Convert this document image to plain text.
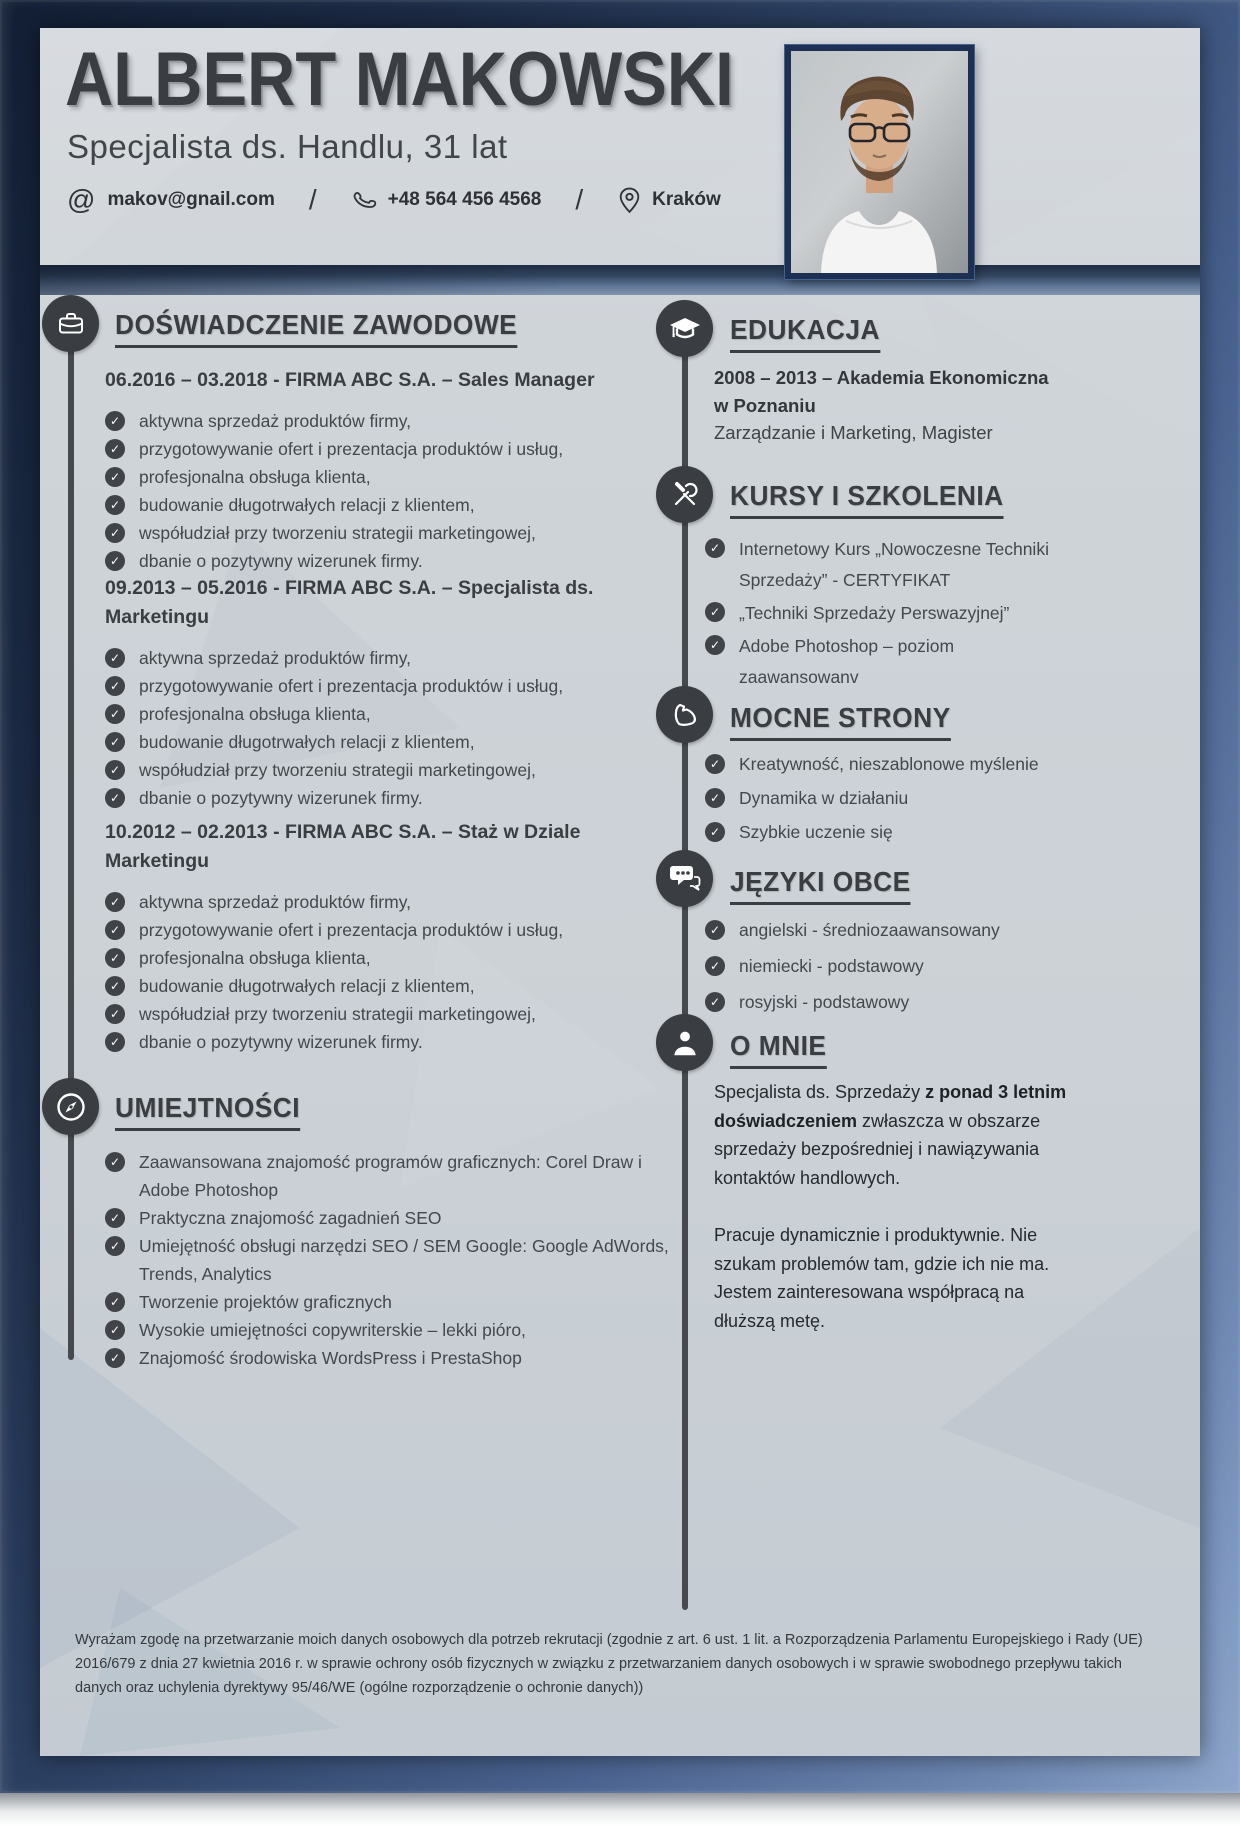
ALBERT MAKOWSKI
Specjalista ds. Handlu, 31 lat
@ makov@gnail.com /	+48 564 456 4568 /	Kraków
DOŚWIADCZENIE ZAWODOWE
06.2016 – 03.2018 - FIRMA ABC S.A. – Sales Manager
✓ aktywna sprzedaż produktów firmy,
✓ przygotowywanie ofert i prezentacja produktów i usług,
✓ profesjonalna obsługa klienta,
✓ budowanie długotrwałych relacji z klientem,
✓ współudział przy tworzeniu strategii marketingowej,
✓ dbanie o pozytywny wizerunek firmy.
09.2013 – 05.2016 - FIRMA ABC S.A. – Specjalista ds. Marketingu
✓ aktywna sprzedaż produktów firmy,
✓ przygotowywanie ofert i prezentacja produktów i usług,
✓ profesjonalna obsługa klienta,
✓ budowanie długotrwałych relacji z klientem,
✓ współudział przy tworzeniu strategii marketingowej,
✓ dbanie o pozytywny wizerunek firmy.
10.2012 – 02.2013 - FIRMA ABC S.A. – Staż w Dziale Marketingu
✓ aktywna sprzedaż produktów firmy,
✓ przygotowywanie ofert i prezentacja produktów i usług,
✓ profesjonalna obsługa klienta,
✓ budowanie długotrwałych relacji z klientem,
✓ współudział przy tworzeniu strategii marketingowej,
✓ dbanie o pozytywny wizerunek firmy.
UMIEJTNOŚCI
✓ Zaawansowana znajomość programów graficznych: Corel Draw i Adobe Photoshop
✓ Praktyczna znajomość zagadnień SEO
✓ Umiejętność obsługi narzędzi SEO / SEM Google: Google AdWords, Trends, Analytics
✓ Tworzenie projektów graficznych
✓ Wysokie umiejętności copywriterskie – lekki pióro,
✓ Znajomość środowiska WordsPress i PrestaShop
EDUKACJA
2008 – 2013 – Akademia Ekonomiczna w Poznaniu
Zarządzanie i Marketing, Magister
KURSY I SZKOLENIA
✓ Internetowy Kurs „Nowoczesne Techniki Sprzedaży” - CERTYFIKAT
✓ „Techniki Sprzedaży Perswazyjnej”
✓ Adobe Photoshop – poziom zaawansowanv
MOCNE STRONY
✓ Kreatywność, nieszablonowe myślenie
✓ Dynamika w działaniu
✓ Szybkie uczenie się
JĘZYKI OBCE
✓ angielski - średniozaawansowany
✓ niemiecki - podstawowy
✓ rosyjski - podstawowy
O MNIE

Specjalista ds. Sprzedaży z ponad 3 letnim doświadczeniem zwłaszcza w obszarze sprzedaży bezpośredniej i nawiązywania kontaktów handlowych.

Pracuje dynamicznie i produktywnie. Nie szukam problemów tam, gdzie ich nie ma. Jestem zainteresowana współpracą na dłuższą metę.

Wyrażam zgodę na przetwarzanie moich danych osobowych dla potrzeb rekrutacji (zgodnie z art. 6 ust. 1 lit. a Rozporządzenia Parlamentu Europejskiego i Rady (UE) 2016/679 z dnia 27 kwietnia 2016 r. w sprawie ochrony osób fizycznych w związku z przetwarzaniem danych osobowych i w sprawie swobodnego przepływu takich danych oraz uchylenia dyrektywy 95/46/WE (ogólne rozporządzenie o ochronie danych))
